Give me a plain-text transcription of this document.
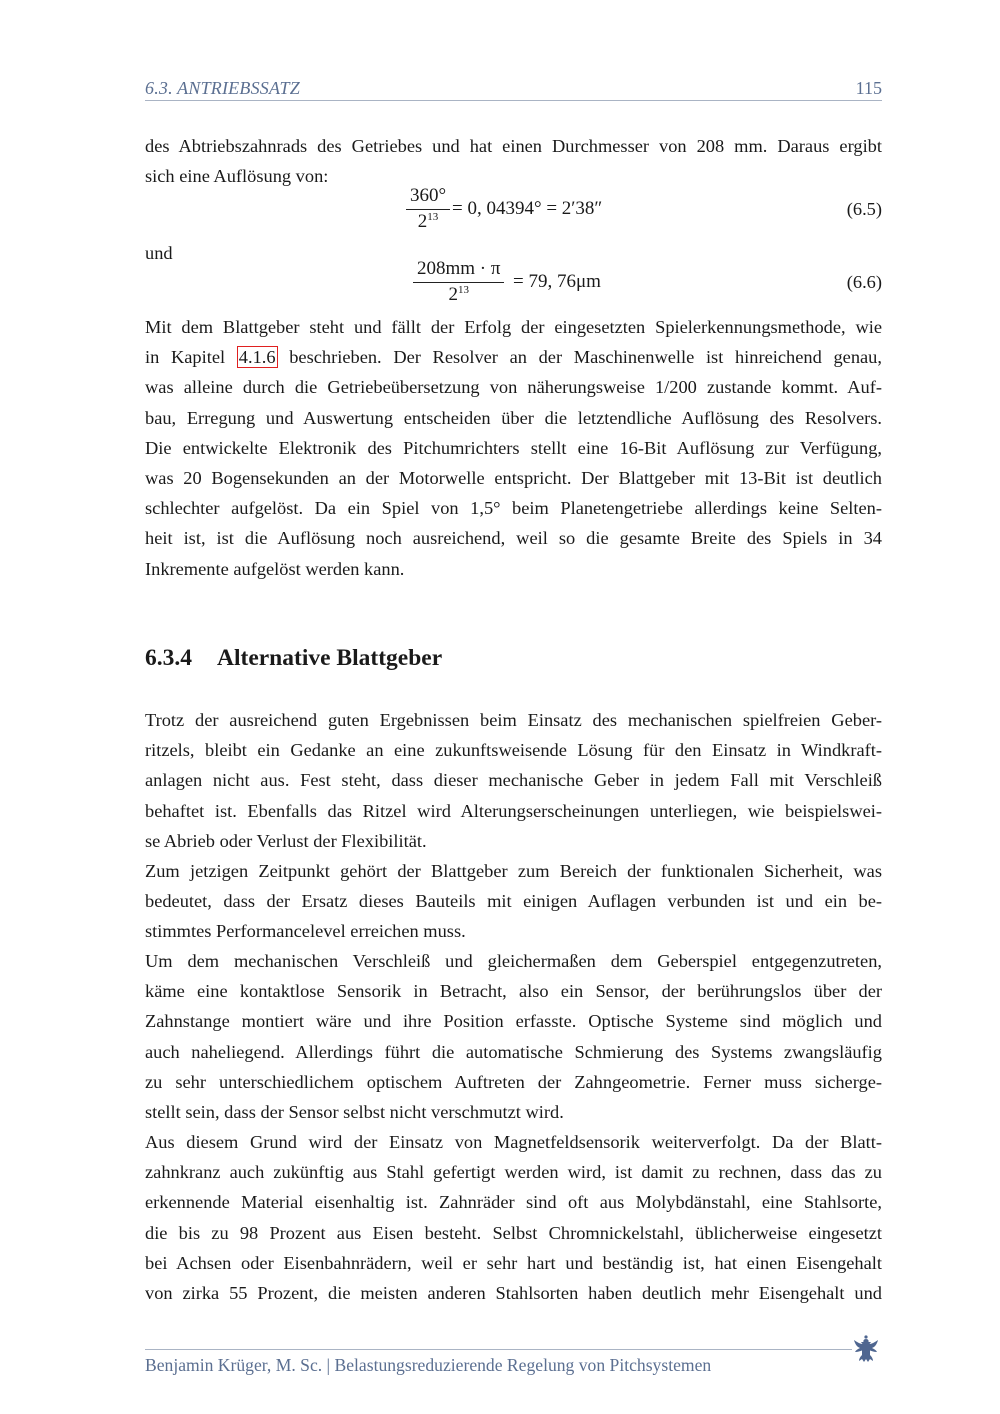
6.3. ANTRIEBSSATZ	115
des Abtriebszahnrads des Getriebes und hat einen Durchmesser von 208 mm. Daraus ergibt
sich eine Auflösung von:
$\frac{360^\circ}{2^{13}} = 0$, 04394° = 2′38″	(6.5)
und
$\frac{208mm \cdot \pi}{2^{13}} = 79$, 76μm	(6.6)
Mit dem Blattgeber steht und fällt der Erfolg der eingesetzten Spielerkennungsmethode, wie
in Kapitel 4.1.6 beschrieben. Der Resolver an der Maschinenwelle ist hinreichend genau,
was alleine durch die Getriebeübersetzung von näherungsweise 1/200 zustande kommt. Auf-
bau, Erregung und Auswertung entscheiden über die letztendliche Auflösung des Resolvers.
Die entwickelte Elektronik des Pitchumrichters stellt eine 16-Bit Auflösung zur Verfügung,
was 20 Bogensekunden an der Motorwelle entspricht. Der Blattgeber mit 13-Bit ist deutlich
schlechter aufgelöst. Da ein Spiel von 1,5° beim Planetengetriebe allerdings keine Selten-
heit ist, ist die Auflösung noch ausreichend, weil so die gesamte Breite des Spiels in 34
Inkremente aufgelöst werden kann.
6.3.4 Alternative Blattgeber
Trotz der ausreichend guten Ergebnissen beim Einsatz des mechanischen spielfreien Geber-
ritzels, bleibt ein Gedanke an eine zukunftsweisende Lösung für den Einsatz in Windkraft-
anlagen nicht aus. Fest steht, dass dieser mechanische Geber in jedem Fall mit Verschleiß
behaftet ist. Ebenfalls das Ritzel wird Alterungserscheinungen unterliegen, wie beispielswei-
se Abrieb oder Verlust der Flexibilität.
Zum jetzigen Zeitpunkt gehört der Blattgeber zum Bereich der funktionalen Sicherheit, was
bedeutet, dass der Ersatz dieses Bauteils mit einigen Auflagen verbunden ist und ein be-
stimmtes Performancelevel erreichen muss.
Um dem mechanischen Verschleiß und gleichermaßen dem Geberspiel entgegenzutreten,
käme eine kontaktlose Sensorik in Betracht, also ein Sensor, der berührungslos über der
Zahnstange montiert wäre und ihre Position erfasste. Optische Systeme sind möglich und
auch naheliegend. Allerdings führt die automatische Schmierung des Systems zwangsläufig
zu sehr unterschiedlichem optischem Auftreten der Zahngeometrie. Ferner muss sicherge-
stellt sein, dass der Sensor selbst nicht verschmutzt wird.
Aus diesem Grund wird der Einsatz von Magnetfeldsensorik weiterverfolgt. Da der Blatt-
zahnkranz auch zukünftig aus Stahl gefertigt werden wird, ist damit zu rechnen, dass das zu
erkennende Material eisenhaltig ist. Zahnräder sind oft aus Molybdänstahl, eine Stahlsorte,
die bis zu 98 Prozent aus Eisen besteht. Selbst Chromnickelstahl, üblicherweise eingesetzt
bei Achsen oder Eisenbahnrädern, weil er sehr hart und beständig ist, hat einen Eisengehalt
von zirka 55 Prozent, die meisten anderen Stahlsorten haben deutlich mehr Eisengehalt und
Benjamin Krüger, M. Sc. | Belastungsreduzierende Regelung von Pitchsystemen
